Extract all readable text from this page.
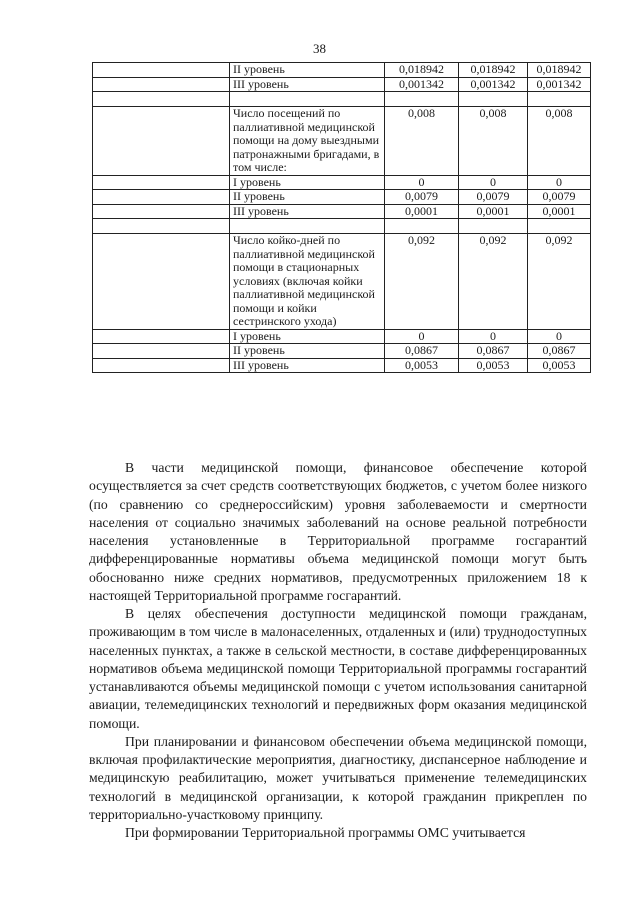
38
	II уровень	0,018942	0,018942	0,018942
	III уровень	0,001342	0,001342	0,001342

	Число посещений по паллиативной медицинской помощи на дому выездными патронажными бригадами, в том числе:	0,008	0,008	0,008
	I уровень	0	0	0
	II уровень	0,0079	0,0079	0,0079
	III уровень	0,0001	0,0001	0,0001

	Число койко-дней по паллиативной медицинской помощи в стационарных условиях (включая койки паллиативной медицинской помощи и койки сестринского ухода)	0,092	0,092	0,092
	I уровень	0	0	0
	II уровень	0,0867	0,0867	0,0867
	III уровень	0,0053	0,0053	0,0053

В части медицинской помощи, финансовое обеспечение которой осуществляется за счет средств соответствующих бюджетов, с учетом более низкого (по сравнению со среднероссийским) уровня заболеваемости и смертности населения от социально значимых заболеваний на основе реальной потребности населения установленные в Территориальной программе госгарантий дифференцированные нормативы объема медицинской помощи могут быть обоснованно ниже средних нормативов, предусмотренных приложением 18 к настоящей Территориальной программе госгарантий.

В целях обеспечения доступности медицинской помощи гражданам, проживающим в том числе в малонаселенных, отдаленных и (или) труднодоступных населенных пунктах, а также в сельской местности, в составе дифференцированных нормативов объема медицинской помощи Территориальной программы госгарантий устанавливаются объемы медицинской помощи с учетом использования санитарной авиации, телемедицинских технологий и передвижных форм оказания медицинской помощи.

При планировании и финансовом обеспечении объема медицинской помощи, включая профилактические мероприятия, диагностику, диспансерное наблюдение и медицинскую реабилитацию, может учитываться применение телемедицинских технологий в медицинской организации, к которой гражданин прикреплен по территориально-участковому принципу.

При формировании Территориальной программы ОМС учитывается
